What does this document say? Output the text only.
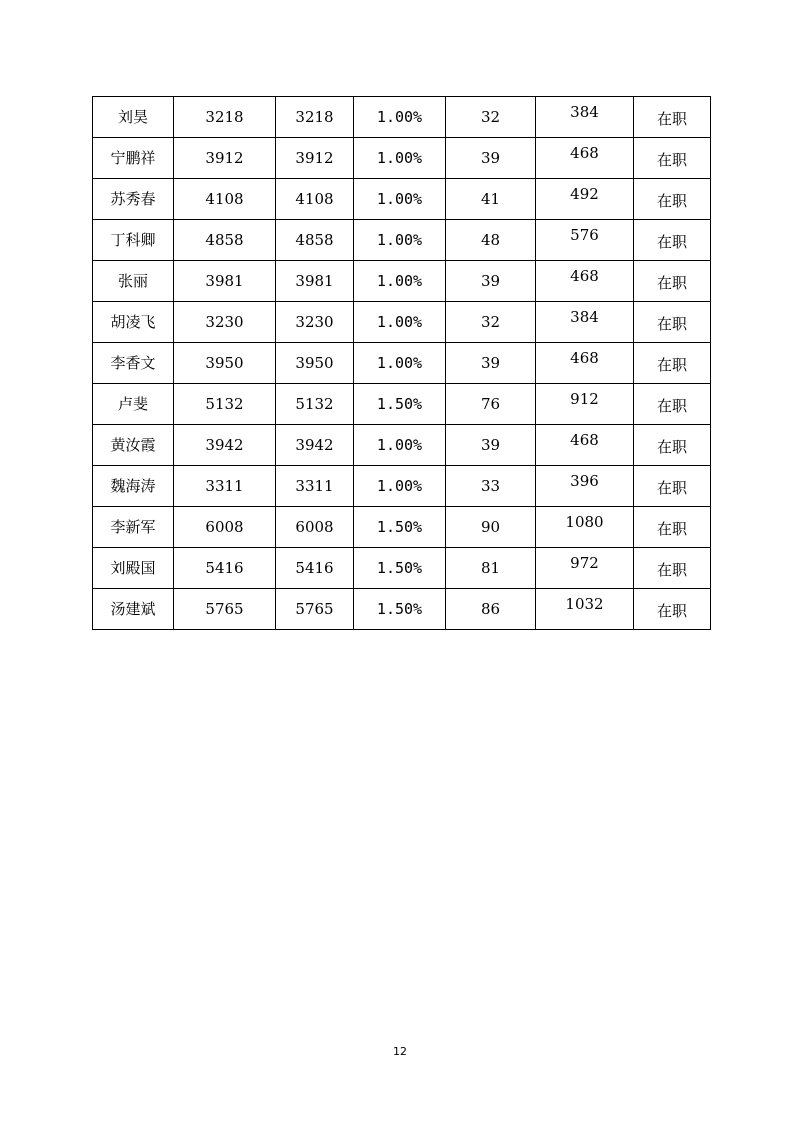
刘昊	3218	3218	1.00%	32	384	在职
宁鹏祥	3912	3912	1.00%	39	468	在职
苏秀春	4108	4108	1.00%	41	492	在职
丁科卿	4858	4858	1.00%	48	576	在职
张丽	3981	3981	1.00%	39	468	在职
胡凌飞	3230	3230	1.00%	32	384	在职
李香文	3950	3950	1.00%	39	468	在职
卢斐	5132	5132	1.50%	76	912	在职
黄汝霞	3942	3942	1.00%	39	468	在职
魏海涛	3311	3311	1.00%	33	396	在职
李新军	6008	6008	1.50%	90	1080	在职
刘殿国	5416	5416	1.50%	81	972	在职
汤建斌	5765	5765	1.50%	86	1032	在职
12
